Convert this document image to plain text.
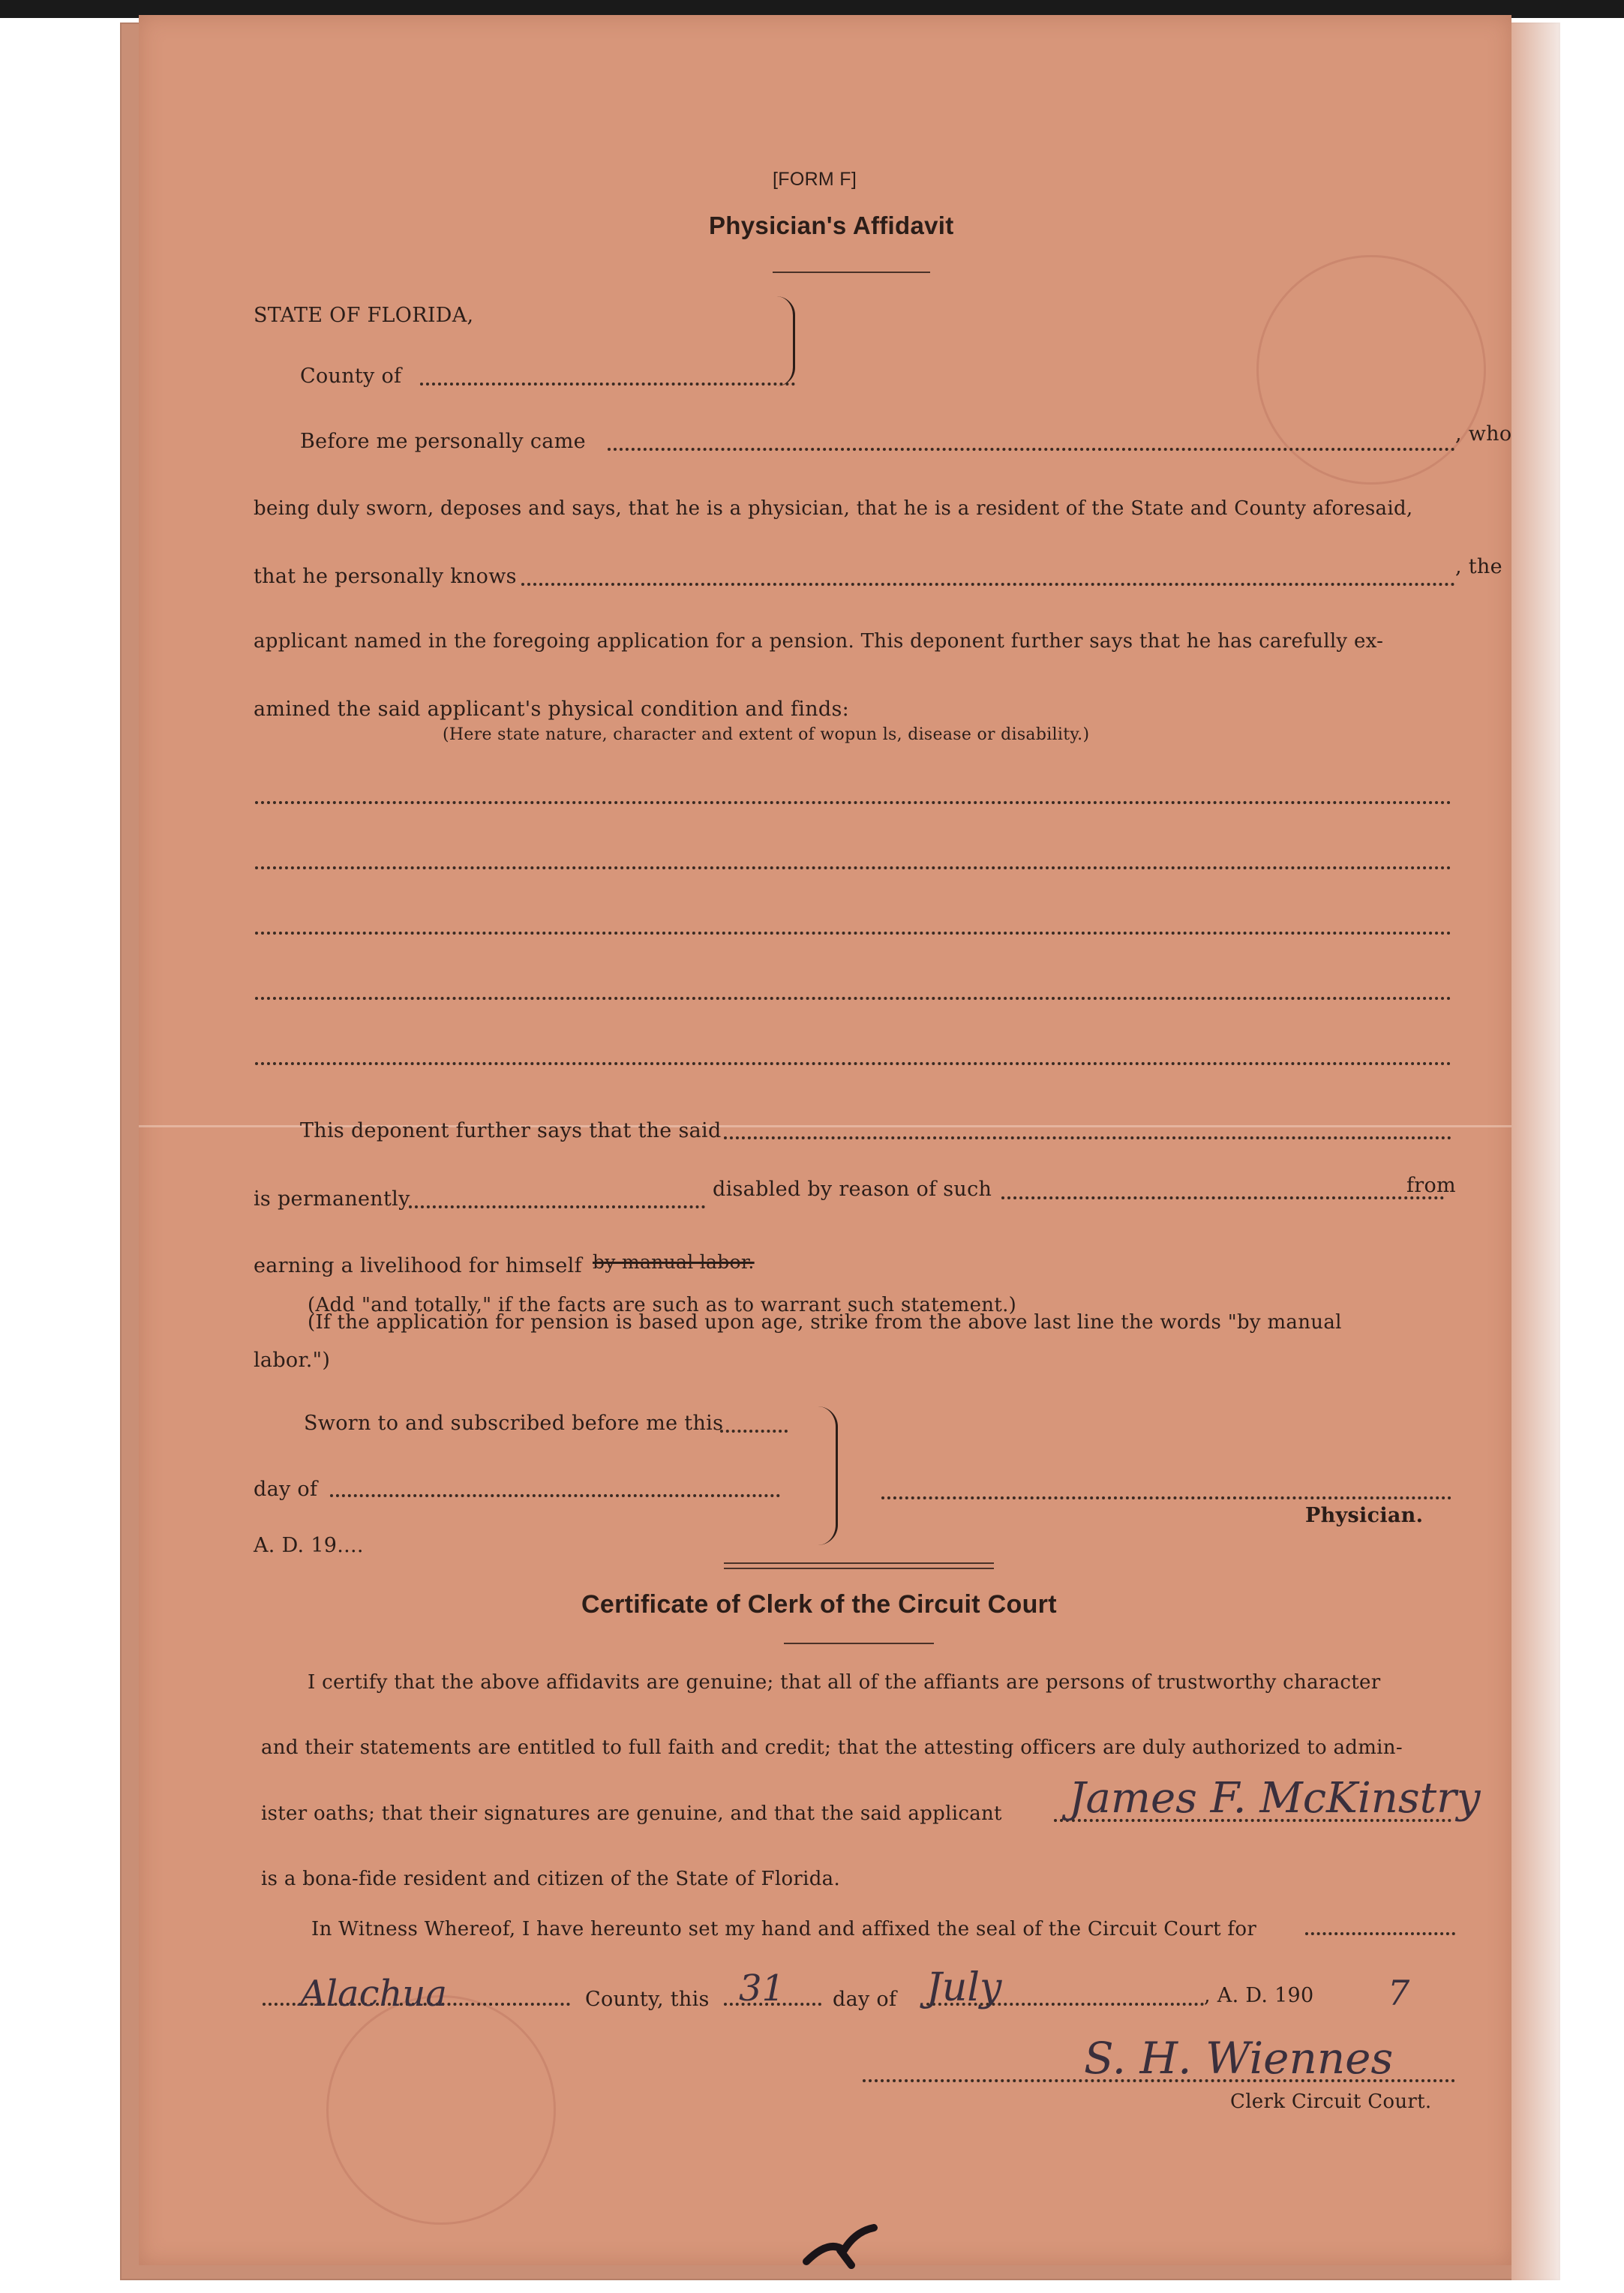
[FORM F]
Physician's Affidavit
STATE OF FLORIDA,
County of
Before me personally came	, who
being duly sworn, deposes and says, that he is a physician, that he is a resident of the State and County aforesaid,
that he personally knows	, the
applicant named in the foregoing application for a pension. This deponent further says that he has carefully ex-
amined the said applicant's physical condition and finds:
(Here state nature, character and extent of wopun ls, disease or disability.)
This deponent further says that the said
is permanently	disabled by reason of such	from
earning a livelihood for himself by manual labor.
(Add "and totally," if the facts are such as to warrant such statement.)
(If the application for pension is based upon age, strike from the above last line the words "by manual
labor.")
Sworn to and subscribed before me this
day of
A. D. 19....
Physician.
Certificate of Clerk of the Circuit Court
I certify that the above affidavits are genuine; that all of the affiants are persons of trustworthy character
and their statements are entitled to full faith and credit; that the attesting officers are duly authorized to admin-
ister oaths; that their signatures are genuine, and that the said applicant James F. McKinstry
is a bona-fide resident and citizen of the State of Florida.
In Witness Whereof, I have hereunto set my hand and affixed the seal of the Circuit Court for
Alachua	County, this 31 day of July	, A. D. 190 7
S. H. Wiennes
Clerk Circuit Court.
